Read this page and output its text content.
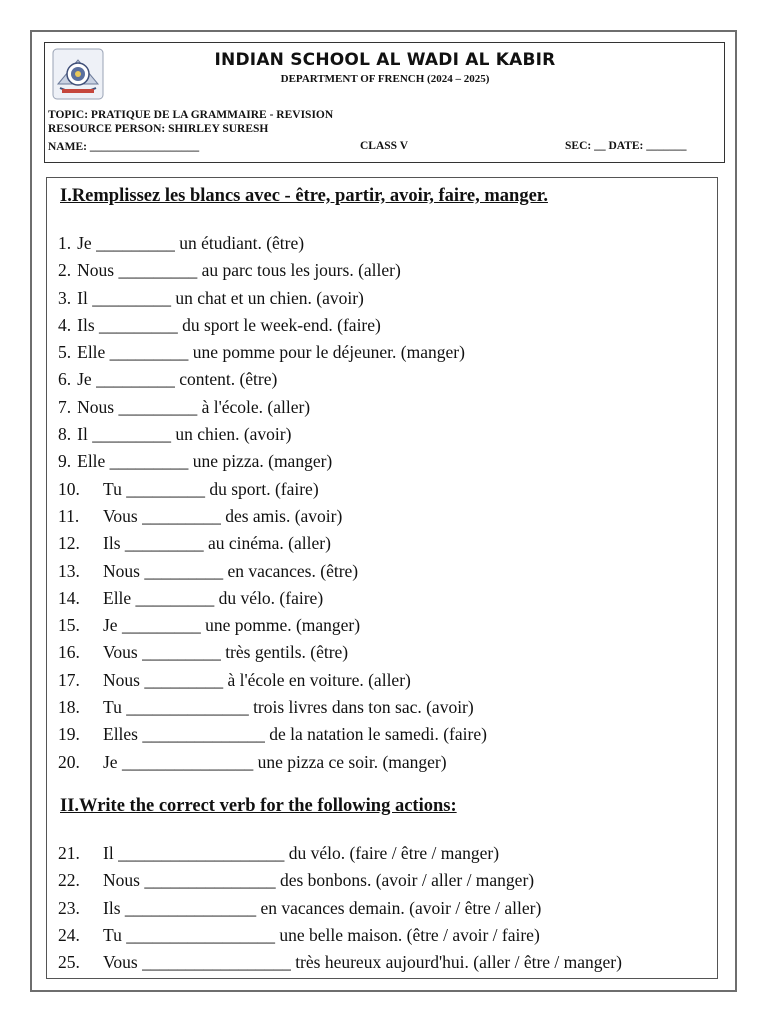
INDIAN SCHOOL AL WADI AL KABIR
DEPARTMENT OF FRENCH (2024 – 2025)
TOPIC: PRATIQUE DE LA GRAMMAIRE - REVISION
RESOURCE PERSON: SHIRLEY SURESH
NAME: ___________________	CLASS V	SEC: __ DATE: _______
I.Remplissez les blancs avec - être, partir, avoir, faire, manger.
1. Je _________ un étudiant. (être)
2. Nous _________ au parc tous les jours. (aller)
3. Il _________ un chat et un chien. (avoir)
4. Ils _________ du sport le week-end. (faire)
5. Elle _________ une pomme pour le déjeuner. (manger)
6. Je _________ content. (être)
7. Nous _________ à l'école. (aller)
8. Il _________ un chien. (avoir)
9. Elle _________ une pizza. (manger)
10. Tu _________ du sport. (faire)
11. Vous _________ des amis. (avoir)
12. Ils _________ au cinéma. (aller)
13. Nous _________ en vacances. (être)
14. Elle _________ du vélo. (faire)
15. Je _________ une pomme. (manger)
16. Vous _________ très gentils. (être)
17. Nous _________ à l'école en voiture. (aller)
18. Tu ______________ trois livres dans ton sac. (avoir)
19. Elles ______________ de la natation le samedi. (faire)
20. Je _______________ une pizza ce soir. (manger)
II.Write the correct verb for the following actions:
21. Il ___________________ du vélo. (faire / être / manger)
22. Nous _______________ des bonbons. (avoir / aller / manger)
23. Ils _______________ en vacances demain. (avoir / être / aller)
24. Tu _________________ une belle maison. (être / avoir / faire)
25. Vous _________________ très heureux aujourd'hui. (aller / être / manger)
